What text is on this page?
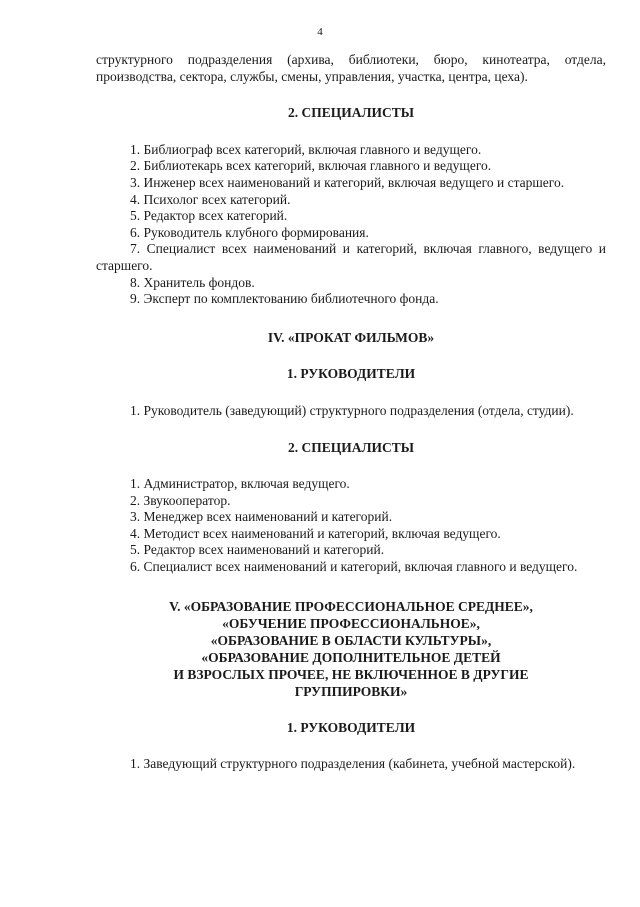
4

структурного подразделения (архива, библиотеки, бюро, кинотеатра, отдела, производства, сектора, службы, смены, управления, участка, центра, цеха).

2. СПЕЦИАЛИСТЫ

1. Библиограф всех категорий, включая главного и ведущего.
2. Библиотекарь всех категорий, включая главного и ведущего.
3. Инженер всех наименований и категорий, включая ведущего и старшего.
4. Психолог всех категорий.
5. Редактор всех категорий.
6. Руководитель клубного формирования.
7. Специалист всех наименований и категорий, включая главного, ведущего и старшего.
8. Хранитель фондов.
9. Эксперт по комплектованию библиотечного фонда.

IV. «ПРОКАТ ФИЛЬМОВ»

1. РУКОВОДИТЕЛИ

1. Руководитель (заведующий) структурного подразделения (отдела, студии).

2. СПЕЦИАЛИСТЫ

1. Администратор, включая ведущего.
2. Звукооператор.
3. Менеджер всех наименований и категорий.
4. Методист всех наименований и категорий, включая ведущего.
5. Редактор всех наименований и категорий.
6. Специалист всех наименований и категорий, включая главного и ведущего.
V. «ОБРАЗОВАНИЕ ПРОФЕССИОНАЛЬНОЕ СРЕДНЕЕ»,
«ОБУЧЕНИЕ ПРОФЕССИОНАЛЬНОЕ»,
«ОБРАЗОВАНИЕ В ОБЛАСТИ КУЛЬТУРЫ»,
«ОБРАЗОВАНИЕ ДОПОЛНИТЕЛЬНОЕ ДЕТЕЙ
И ВЗРОСЛЫХ ПРОЧЕЕ, НЕ ВКЛЮЧЕННОЕ В ДРУГИЕ
ГРУППИРОВКИ»

1. РУКОВОДИТЕЛИ

1. Заведующий структурного подразделения (кабинета, учебной мастерской).
